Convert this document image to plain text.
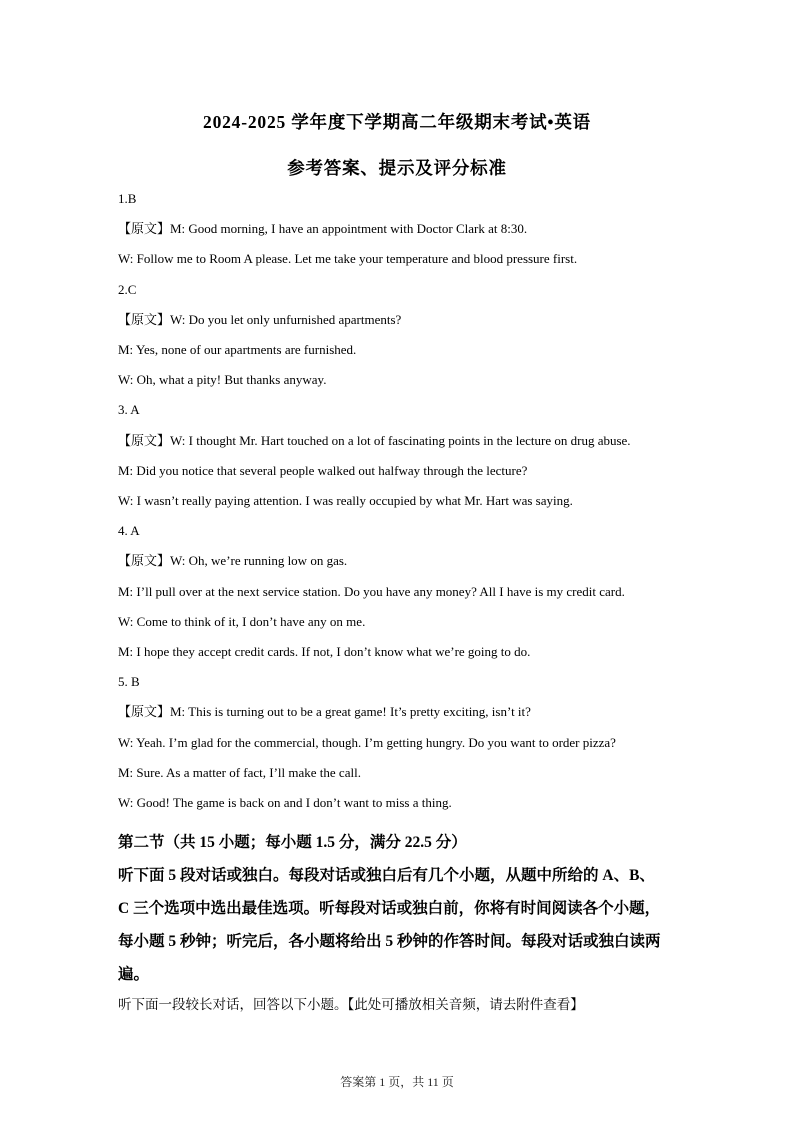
2024-2025 学年度下学期高二年级期末考试•英语
参考答案、提示及评分标准

1.B

【原文】M: Good morning, I have an appointment with Doctor Clark at 8:30.

W: Follow me to Room A please. Let me take your temperature and blood pressure first.

2.C

【原文】W: Do you let only unfurnished apartments?

M: Yes, none of our apartments are furnished.

W: Oh, what a pity! But thanks anyway.

3. A

【原文】W: I thought Mr. Hart touched on a lot of fascinating points in the lecture on drug abuse.

M: Did you notice that several people walked out halfway through the lecture?

W: I wasn’t really paying attention. I was really occupied by what Mr. Hart was saying.

4. A

【原文】W: Oh, we’re running low on gas.

M: I’ll pull over at the next service station. Do you have any money? All I have is my credit card.

W: Come to think of it, I don’t have any on me.

M: I hope they accept credit cards. If not, I don’t know what we’re going to do.

5. B

【原文】M: This is turning out to be a great game! It’s pretty exciting, isn’t it?

W: Yeah. I’m glad for the commercial, though. I’m getting hungry. Do you want to order pizza?

M: Sure. As a matter of fact, I’ll make the call.

W: Good! The game is back on and I don’t want to miss a thing.

第二节（共 15 小题；每小题 1.5 分，满分 22.5 分）

听下面 5 段对话或独白。每段对话或独白后有几个小题，从题中所给的 A、B、

C 三个选项中选出最佳选项。听每段对话或独白前，你将有时间阅读各个小题，

每小题 5 秒钟；听完后，各小题将给出 5 秒钟的作答时间。每段对话或独白读两

遍。

听下面一段较长对话，回答以下小题。【此处可播放相关音频，请去附件查看】

答案第 1 页，共 11 页
